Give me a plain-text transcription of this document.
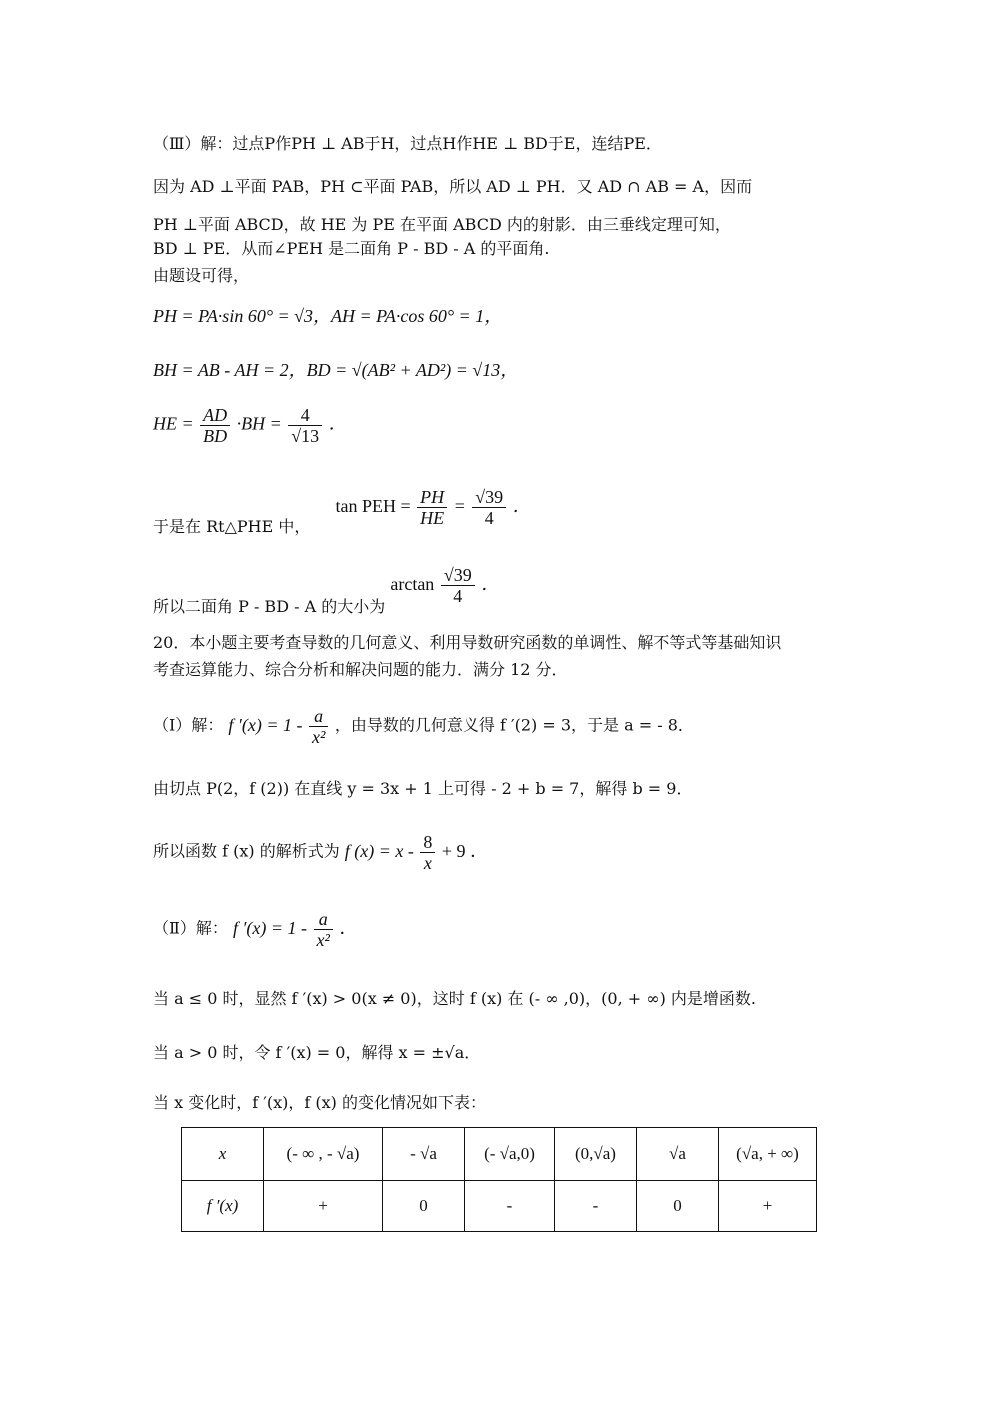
（Ⅲ）解：过点P作PH ⊥ AB于H，过点H作HE ⊥ BD于E，连结PE．
因为 AD ⊥平面 PAB，PH ⊂平面 PAB，所以 AD ⊥ PH．又 AD ∩ AB = A，因而
PH ⊥平面 ABCD，故 HE 为 PE 在平面 ABCD 内的射影．由三垂线定理可知，
BD ⊥ PE．从而∠PEH 是二面角 P - BD - A 的平面角.
由题设可得，
PH = PA·sin 60° = √3，AH = PA·cos 60° = 1，
BH = AB - AH = 2，BD = √(AB² + AD²) = √13，
HE = $\frac{AD}{BD} \cdot BH = \frac{4}{√13}$ ．
于是在 Rt△PHE 中， tan PEH = $\frac{PH}{HE} = \frac{√39}{4}$ ．
所以二面角 P - BD - A 的大小为 $\arctan \frac{√39}{4}$ ．
20．本小题主要考查导数的几何意义、利用导数研究函数的单调性、解不等式等基础知识
考查运算能力、综合分析和解决问题的能力．满分 12 分．
（Ⅰ）解： f $'(x) = 1 - \frac{a}{\text{x²}}$ ，由导数的几何意义得 f ′(2) = 3，于是 a = - 8．
由切点 P(2，f (2)) 在直线 y = 3x + 1 上可得 - 2 + b = 7，解得 b = 9．
所以函数 f (x) 的解析式为 f $(x) = x - \frac{8}{x} + 9$ ．
（Ⅱ）解： f $'(x) = 1 - \frac{a}{\text{x²}}$ ．
当 a ≤ 0 时，显然 f ′(x) > 0(x ≠ 0)，这时 f (x) 在 (- ∞ ,0)，(0, + ∞) 内是增函数.
当 a > 0 时，令 f ′(x) = 0，解得 x = ±√a．
当 x 变化时，f ′(x)，f (x) 的变化情况如下表：
x	(- ∞ , - √a)	- √a	(- √a,0)	(0,√a)	√a	(√a, + ∞)
f ′(x)	+	0	-	-	0	+
